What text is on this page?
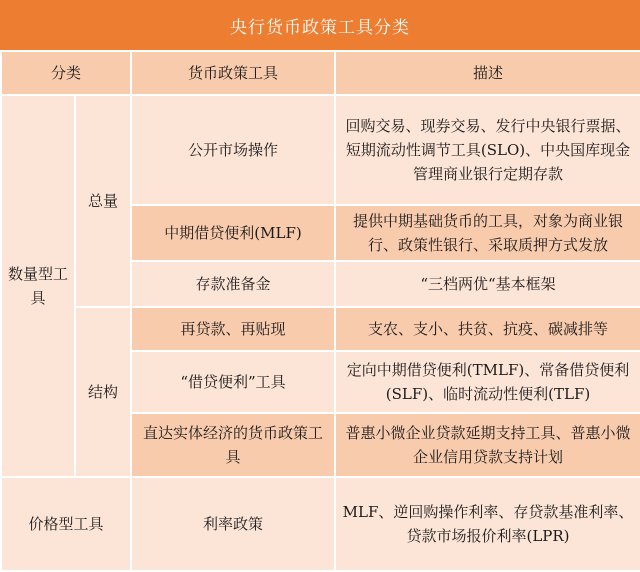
央行货币政策工具分类
分类		货币政策工具	描述
数量型工具	总量	公开市场操作	回购交易、现券交易、发行中央银行票据、短期流动性调节工具(SLO)、中央国库现金管理商业银行定期存款
		中期借贷便利(MLF)	提供中期基础货币的工具，对象为商业银行、政策性银行、采取质押方式发放
		存款准备金	“三档两优“基本框架
	结构	再贷款、再贴现	支农、支小、扶贫、抗疫、碳减排等
		“借贷便利”工具	定向中期借贷便利(TMLF)、常备借贷便利(SLF)、临时流动性便利(TLF)
		直达实体经济的货币政策工具	普惠小微企业贷款延期支持工具、普惠小微企业信用贷款支持计划
价格型工具		利率政策	MLF、逆回购操作利率、存贷款基准利率、贷款市场报价利率(LPR)
